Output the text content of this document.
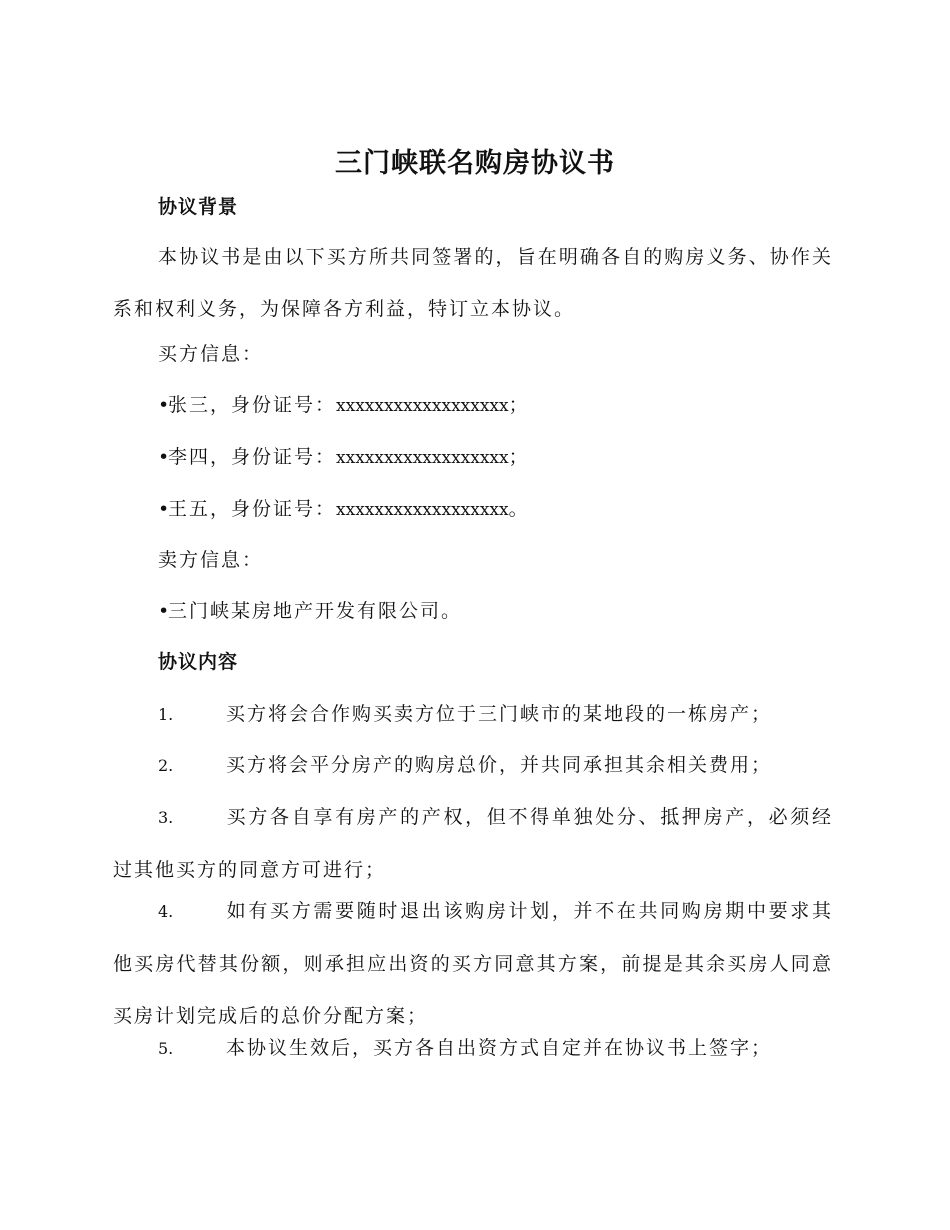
三门峡联名购房协议书
协议背景
本协议书是由以下买方所共同签署的，旨在明确各自的购房义务、协作关系和权利义务，为保障各方利益，特订立本协议。
买方信息：
•张三，身份证号：xxxxxxxxxxxxxxxxxx；
•李四，身份证号：xxxxxxxxxxxxxxxxxx；
•王五，身份证号：xxxxxxxxxxxxxxxxxx。
卖方信息：
•三门峡某房地产开发有限公司。
协议内容
1.	买方将会合作购买卖方位于三门峡市的某地段的一栋房产；
2.	买方将会平分房产的购房总价，并共同承担其余相关费用；
3.	买方各自享有房产的产权，但不得单独处分、抵押房产，必须经过其他买方的同意方可进行；
4.	如有买方需要随时退出该购房计划，并不在共同购房期中要求其他买房代替其份额，则承担应出资的买方同意其方案，前提是其余买房人同意买房计划完成后的总价分配方案；
5.	本协议生效后，买方各自出资方式自定并在协议书上签字；
